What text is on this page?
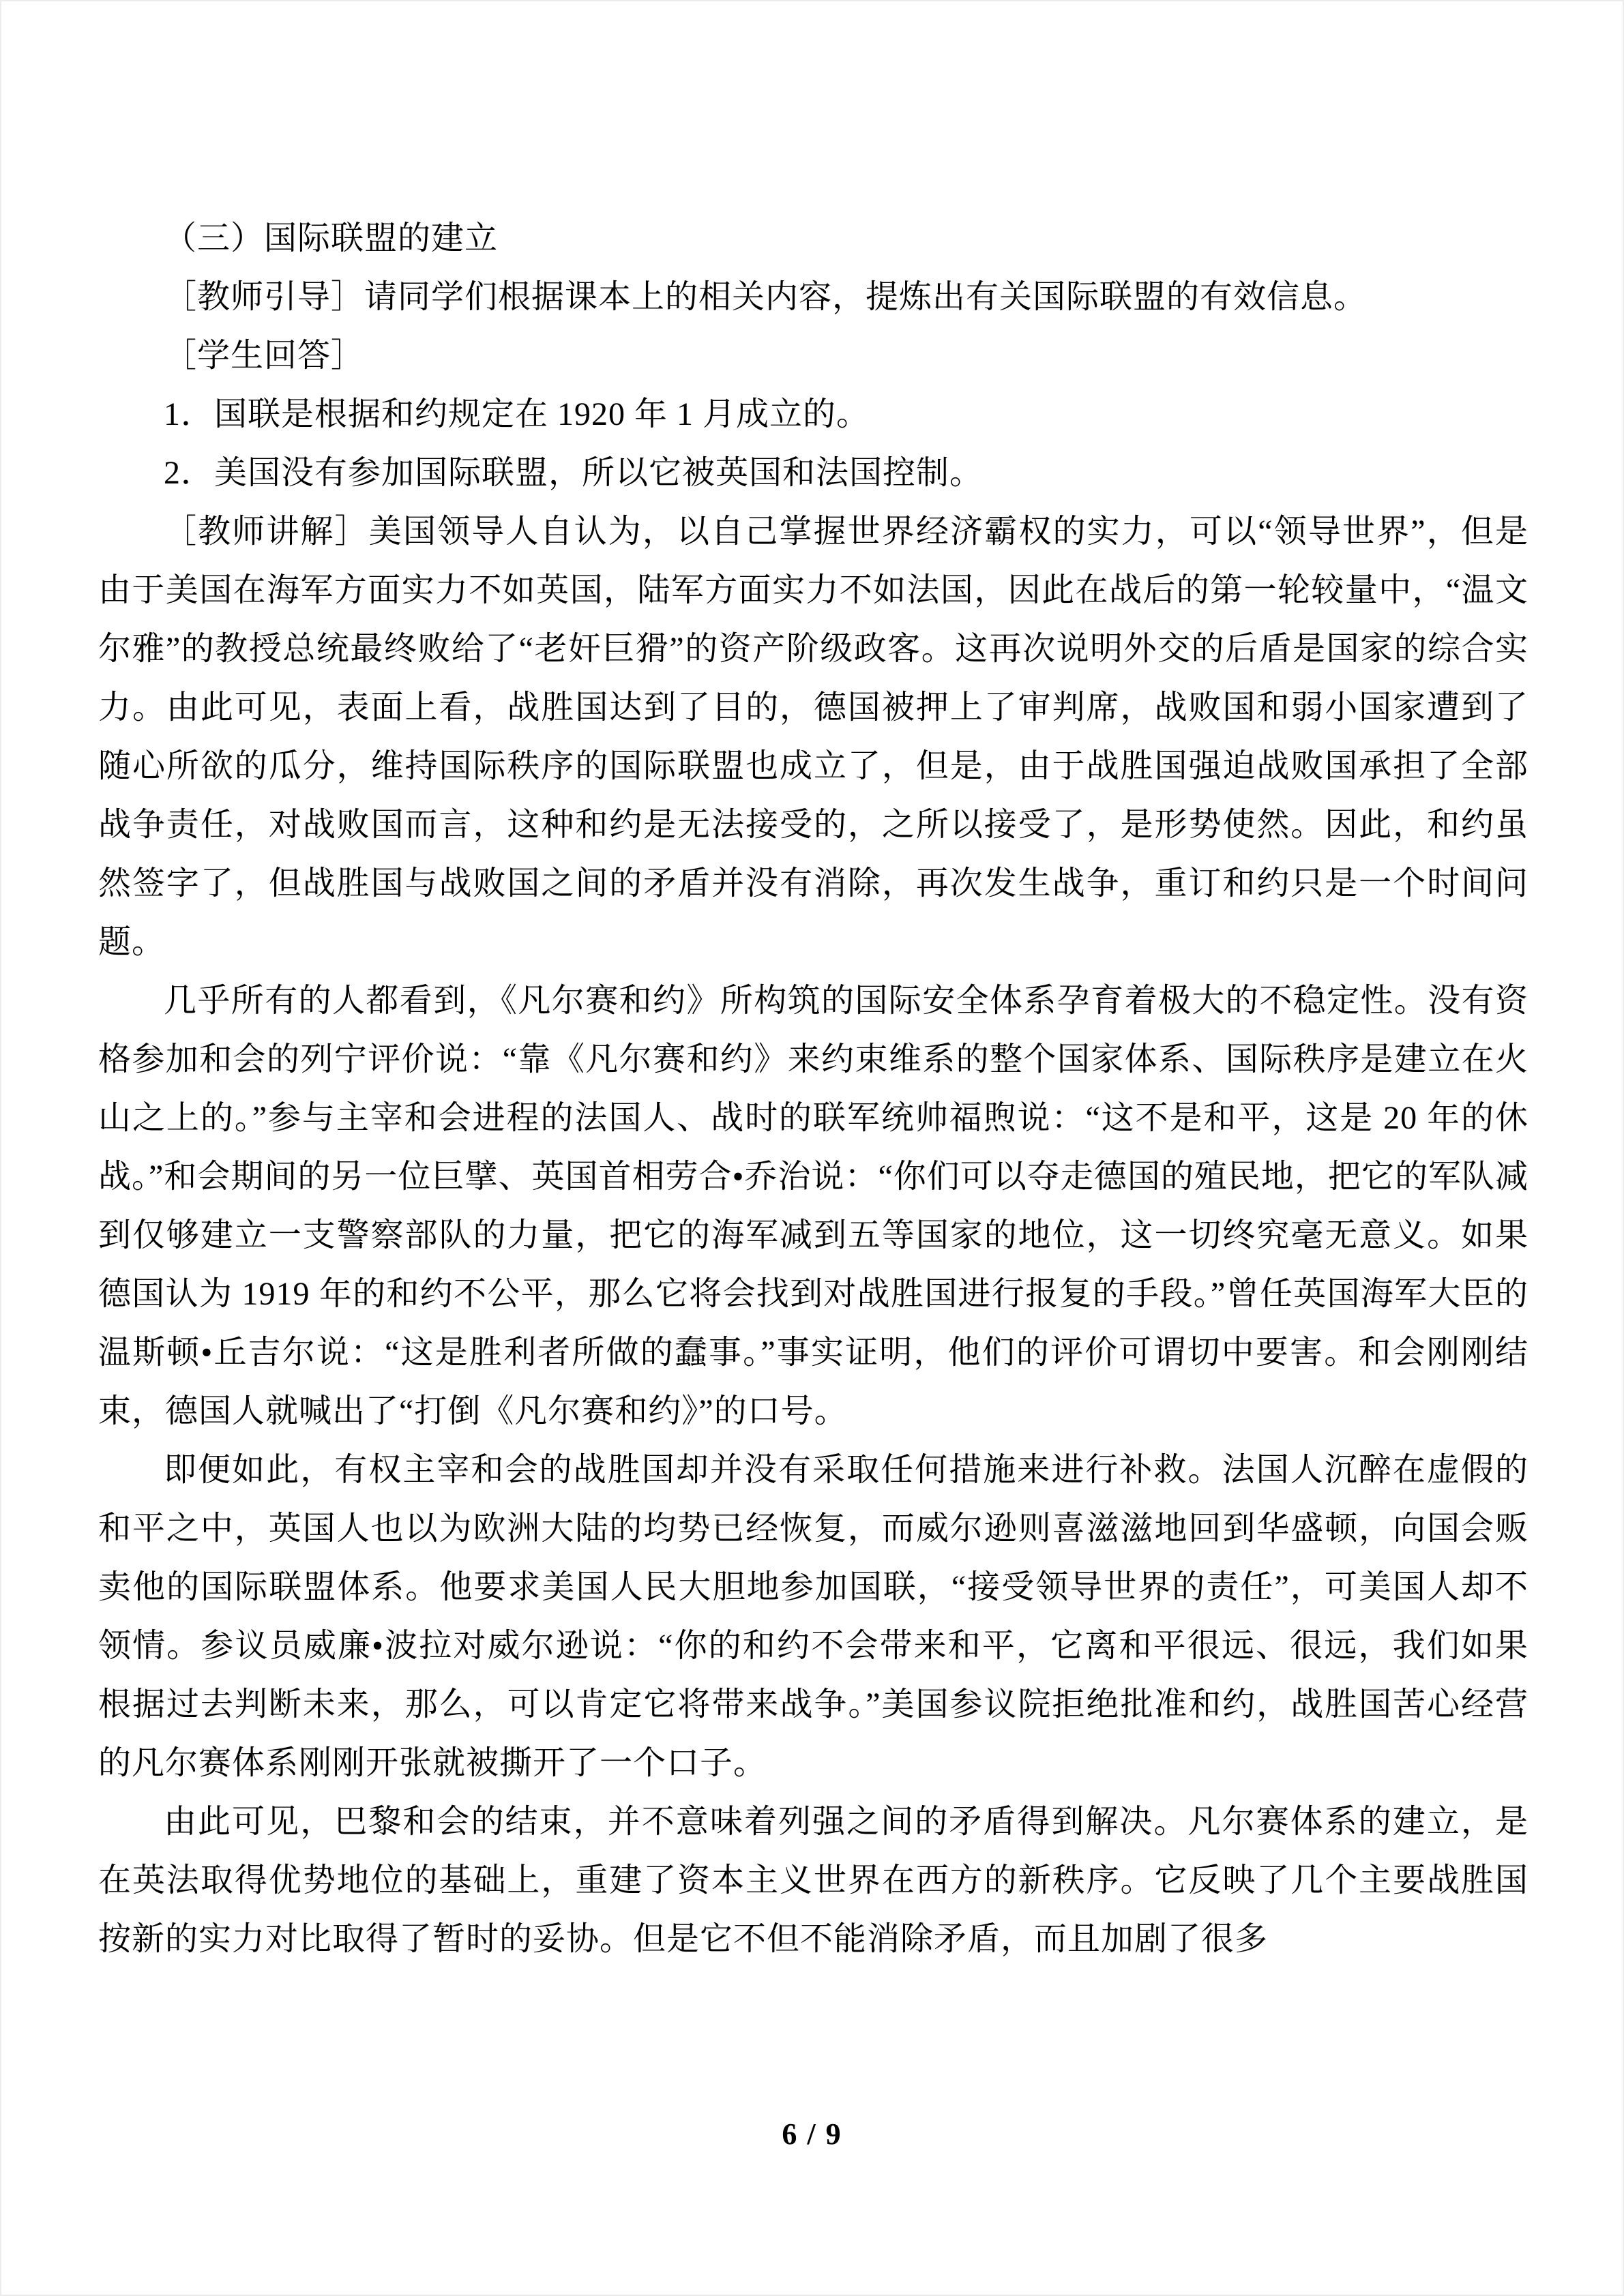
（三）国际联盟的建立

［教师引导］请同学们根据课本上的相关内容，提炼出有关国际联盟的有效信息。

［学生回答］

1．国联是根据和约规定在 1920 年 1 月成立的。

2．美国没有参加国际联盟，所以它被英国和法国控制。

［教师讲解］美国领导人自认为，以自己掌握世界经济霸权的实力，可以“领导世界”，但是由于美国在海军方面实力不如英国，陆军方面实力不如法国，因此在战后的第一轮较量中，“温文尔雅”的教授总统最终败给了“老奸巨猾”的资产阶级政客。这再次说明外交的后盾是国家的综合实力。由此可见，表面上看，战胜国达到了目的，德国被押上了审判席，战败国和弱小国家遭到了随心所欲的瓜分，维持国际秩序的国际联盟也成立了，但是，由于战胜国强迫战败国承担了全部战争责任，对战败国而言，这种和约是无法接受的，之所以接受了，是形势使然。因此，和约虽然签字了，但战胜国与战败国之间的矛盾并没有消除，再次发生战争，重订和约只是一个时间问题。

几乎所有的人都看到，《凡尔赛和约》所构筑的国际安全体系孕育着极大的不稳定性。没有资格参加和会的列宁评价说：“靠《凡尔赛和约》来约束维系的整个国家体系、国际秩序是建立在火山之上的。”参与主宰和会进程的法国人、战时的联军统帅福煦说：“这不是和平，这是 20 年的休战。”和会期间的另一位巨擘、英国首相劳合•乔治说：“你们可以夺走德国的殖民地，把它的军队减到仅够建立一支警察部队的力量，把它的海军减到五等国家的地位，这一切终究毫无意义。如果德国认为 1919 年的和约不公平，那么它将会找到对战胜国进行报复的手段。”曾任英国海军大臣的温斯顿•丘吉尔说：“这是胜利者所做的蠢事。”事实证明，他们的评价可谓切中要害。和会刚刚结束，德国人就喊出了“打倒《凡尔赛和约》”的口号。

即便如此，有权主宰和会的战胜国却并没有采取任何措施来进行补救。法国人沉醉在虚假的和平之中，英国人也以为欧洲大陆的均势已经恢复，而威尔逊则喜滋滋地回到华盛顿，向国会贩卖他的国际联盟体系。他要求美国人民大胆地参加国联，“接受领导世界的责任”，可美国人却不领情。参议员威廉•波拉对威尔逊说：“你的和约不会带来和平，它离和平很远、很远，我们如果根据过去判断未来，那么，可以肯定它将带来战争。”美国参议院拒绝批准和约，战胜国苦心经营的凡尔赛体系刚刚开张就被撕开了一个口子。

由此可见，巴黎和会的结束，并不意味着列强之间的矛盾得到解决。凡尔赛体系的建立，是在英法取得优势地位的基础上，重建了资本主义世界在西方的新秩序。它反映了几个主要战胜国按新的实力对比取得了暂时的妥协。但是它不但不能消除矛盾，而且加剧了很多

6 / 9
